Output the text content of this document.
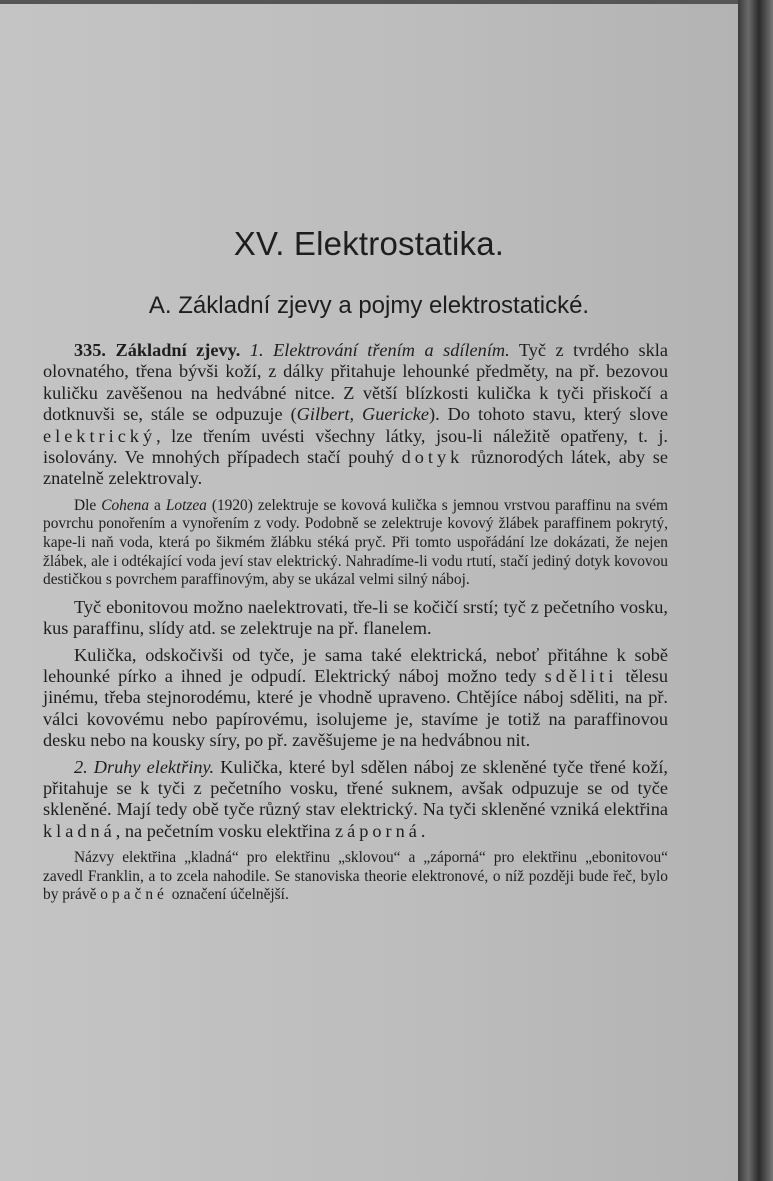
XV. Elektrostatika.
A. Základní zjevy a pojmy elektrostatické.

335. Základní zjevy. 1. Elektrování třením a sdílením. Tyč z tvrdého skla olovnatého, třena bývši koží, z dálky přitahuje lehounké předměty, na př. bezovou kuličku zavěšenou na hedvábné nitce. Z větší blízkosti kulička k tyči přiskočí a dotknuvši se, stále se odpuzuje (Gilbert, Guericke). Do tohoto stavu, který slove elektrický, lze třením uvésti všechny látky, jsou-li náležitě opatřeny, t. j. isolovány. Ve mnohých případech stačí pouhý dotyk různorodých látek, aby se znatelně zelektrovaly.

Dle Cohena a Lotzea (1920) zelektruje se kovová kulička s jemnou vrstvou paraffinu na svém povrchu ponořením a vynořením z vody. Podobně se zelektruje kovový žlábek paraffinem pokrytý, kape-li naň voda, která po šikmém žlábku stéká pryč. Při tomto uspořádání lze dokázati, že nejen žlábek, ale i odtékající voda jeví stav elektrický. Nahradíme-li vodu rtutí, stačí jediný dotyk kovovou destičkou s povrchem paraffinovým, aby se ukázal velmi silný náboj.

Tyč ebonitovou možno naelektrovati, tře-li se kočičí srstí; tyč z pečetního vosku, kus paraffinu, slídy atd. se zelektruje na př. flanelem.

Kulička, odskočivši od tyče, je sama také elektrická, neboť přitáhne k sobě lehounké pírko a ihned je odpudí. Elektrický náboj možno tedy sděliti tělesu jinému, třeba stejnorodému, které je vhodně upraveno. Chtějíce náboj sděliti, na př. válci kovovému nebo papírovému, isolujeme je, stavíme je totiž na paraffinovou desku nebo na kousky síry, po př. zavěšujeme je na hedvábnou nit.

2. Druhy elektřiny. Kulička, které byl sdělen náboj ze skleněné tyče třené koží, přitahuje se k tyči z pečetního vosku, třené suknem, avšak odpuzuje se od tyče skleněné. Mají tedy obě tyče různý stav elektrický. Na tyči skleněné vzniká elektřina kladná, na pečetním vosku elektřina záporná.

Názvy elektřina „kladná“ pro elektřinu „sklovou“ a „záporná“ pro elektřinu „ebonitovou“ zavedl Franklin, a to zcela nahodile. Se stanoviska theorie elektronové, o níž později bude řeč, bylo by právě opačné označení účelnější.
